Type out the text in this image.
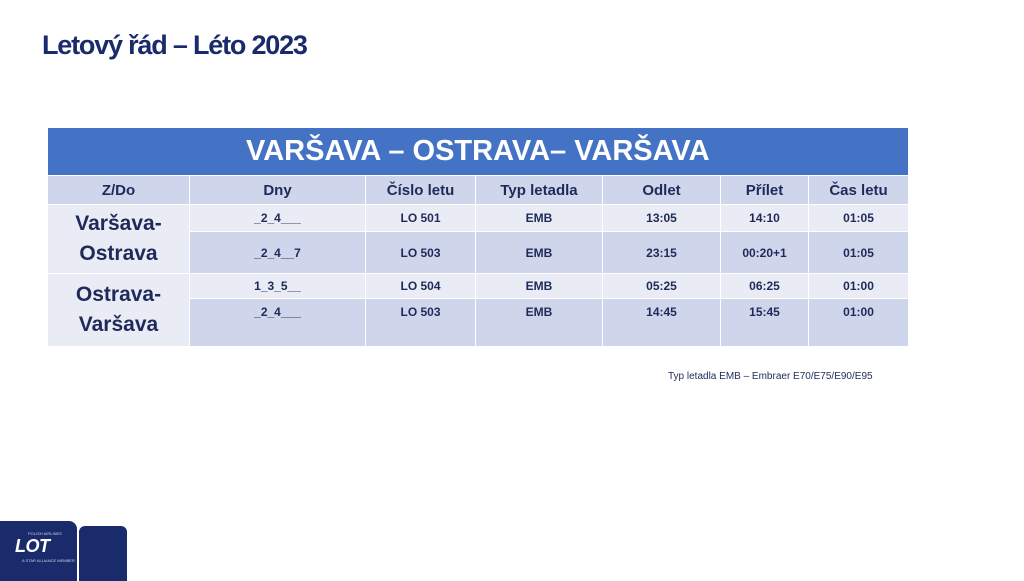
Letový řád – Léto 2023
VARŠAVA – OSTRAVA– VARŠAVA						
Z/Do	Dny	Číslo letu	Typ letadla	Odlet	Přílet	Čas letu
Varšava-
Ostrava	_2_4___	LO 501	EMB	13:05	14:10	01:05
	_2_4__7	LO 503	EMB	23:15	00:20+1	01:05
Ostrava-
Varšava	1_3_5__	LO 504	EMB	05:25	06:25	01:00
	_2_4___	LO 503	EMB	14:45	15:45	01:00
Typ letadla EMB – Embraer E70/E75/E90/E95
POLISH AIRLINES
LOT
A STAR ALLIANCE MEMBER
